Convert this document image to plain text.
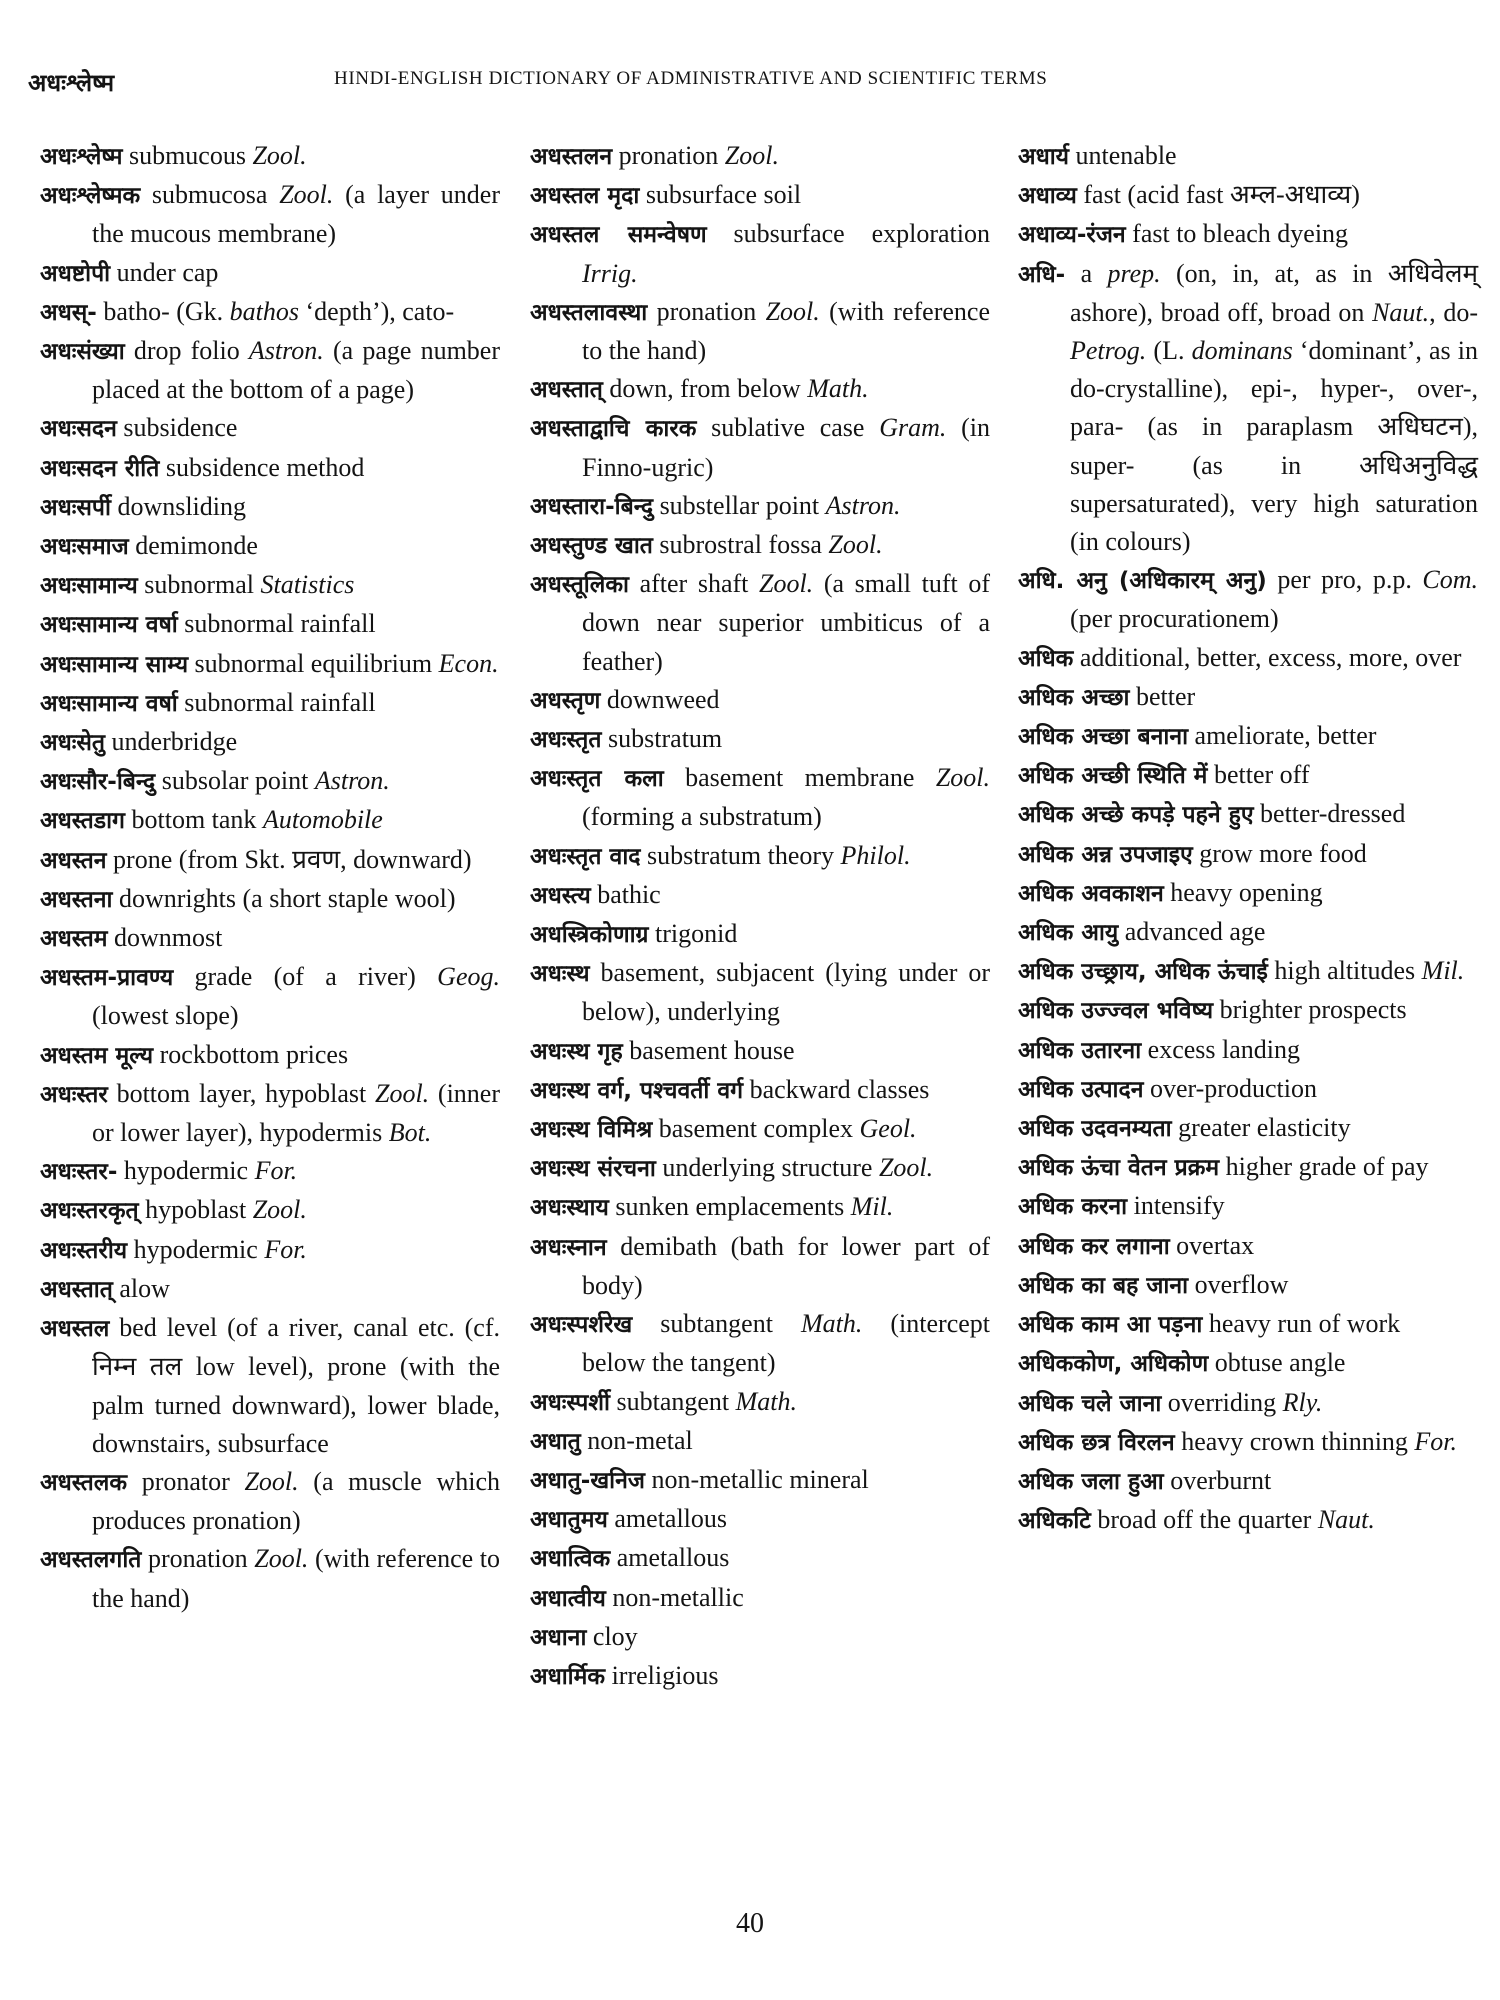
अधःश्लेष्म	HINDI-ENGLISH DICTIONARY OF ADMINISTRATIVE AND SCIENTIFIC TERMS
अधःश्लेष्म submucous Zool.
अधःश्लेष्मक submucosa Zool. (a layer under the mucous membrane)
अधष्टोपी under cap
अधस्- batho- (Gk. bathos ‘depth’), cato-
अधःसंख्या drop folio Astron. (a page number placed at the bottom of a page)
अधःसदन subsidence
अधःसदन रीति subsidence method
अधःसर्पी downsliding
अधःसमाज demimonde
अधःसामान्य subnormal Statistics
अधःसामान्य वर्षा subnormal rainfall
अधःसामान्य साम्य subnormal equilibrium Econ.
अधःसामान्य वर्षा subnormal rainfall
अधःसेतु underbridge
अधःसौर-बिन्दु subsolar point Astron.
अधस्तडाग bottom tank Automobile
अधस्तन prone (from Skt. प्रवण, downward)
अधस्तना downrights (a short staple wool)
अधस्तम downmost
अधस्तम-प्रावण्य grade (of a river) Geog. (lowest slope)
अधस्तम मूल्य rockbottom prices
अधःस्तर bottom layer, hypoblast Zool. (inner or lower layer), hypodermis Bot.
अधःस्तर- hypodermic For.
अधःस्तरकृत् hypoblast Zool.
अधःस्तरीय hypodermic For.
अधस्तात् alow
अधस्तल bed level (of a river, canal etc. (cf. निम्न तल low level), prone (with the palm turned downward), lower blade, downstairs, subsurface
अधस्तलक pronator Zool. (a muscle which produces pronation)
अधस्तलगति pronation Zool. (with reference to the hand)
अधस्तलन pronation Zool.
अधस्तल मृदा subsurface soil
अधस्तल समन्वेषण subsurface exploration Irrig.
अधस्तलावस्था pronation Zool. (with reference to the hand)
अधस्तात् down, from below Math.
अधस्ताद्वाचि कारक sublative case Gram. (in Finno-ugric)
अधस्तारा-बिन्दु substellar point Astron.
अधस्तुण्ड खात subrostral fossa Zool.
अधस्तूलिका after shaft Zool. (a small tuft of down near superior umbiticus of a feather)
अधस्तृण downweed
अधःस्तृत substratum
अधःस्तृत कला basement membrane Zool. (forming a substratum)
अधःस्तृत वाद substratum theory Philol.
अधस्त्य bathic
अधस्त्रिकोणाग्र trigonid
अधःस्थ basement, subjacent (lying under or below), underlying
अधःस्थ गृह basement house
अधःस्थ वर्ग, पश्चवर्ती वर्ग backward classes
अधःस्थ विमिश्र basement complex Geol.
अधःस्थ संरचना underlying structure Zool.
अधःस्थाय sunken emplacements Mil.
अधःस्नान demibath (bath for lower part of body)
अधःस्पर्शरेख subtangent Math. (intercept below the tangent)
अधःस्पर्शी subtangent Math.
अधातु non-metal
अधातु-खनिज non-metallic mineral
अधातुमय ametallous
अधात्विक ametallous
अधात्वीय non-metallic
अधाना cloy
अधार्मिक irreligious
अधार्य untenable
अधाव्य fast (acid fast अम्ल-अधाव्य)
अधाव्य-रंजन fast to bleach dyeing
अधि- a prep. (on, in, at, as in अधिवेलम् ashore), broad off, broad on Naut., do- Petrog. (L. dominans ‘dominant’, as in do-crystalline), epi-, hyper-, over-, para- (as in paraplasm अधिघटन), super- (as in अधिअनुविद्ध supersaturated), very high saturation (in colours)
अधि. अनु (अधिकारम् अनु) per pro, p.p. Com. (per procurationem)
अधिक additional, better, excess, more, over
अधिक अच्छा better
अधिक अच्छा बनाना ameliorate, better
अधिक अच्छी स्थिति में better off
अधिक अच्छे कपड़े पहने हुए better-dressed
अधिक अन्न उपजाइए grow more food
अधिक अवकाशन heavy opening
अधिक आयु advanced age
अधिक उच्छ्राय, अधिक ऊंचाई high altitudes Mil.
अधिक उज्ज्वल भविष्य brighter prospects
अधिक उतारना excess landing
अधिक उत्पादन over-production
अधिक उदवनम्यता greater elasticity
अधिक ऊंचा वेतन प्रक्रम higher grade of pay
अधिक करना intensify
अधिक कर लगाना overtax
अधिक का बह जाना overflow
अधिक काम आ पड़ना heavy run of work
अधिककोण, अधिकोण obtuse angle
अधिक चले जाना overriding Rly.
अधिक छत्र विरलन heavy crown thinning For.
अधिक जला हुआ overburnt
अधिकटि broad off the quarter Naut.
40
